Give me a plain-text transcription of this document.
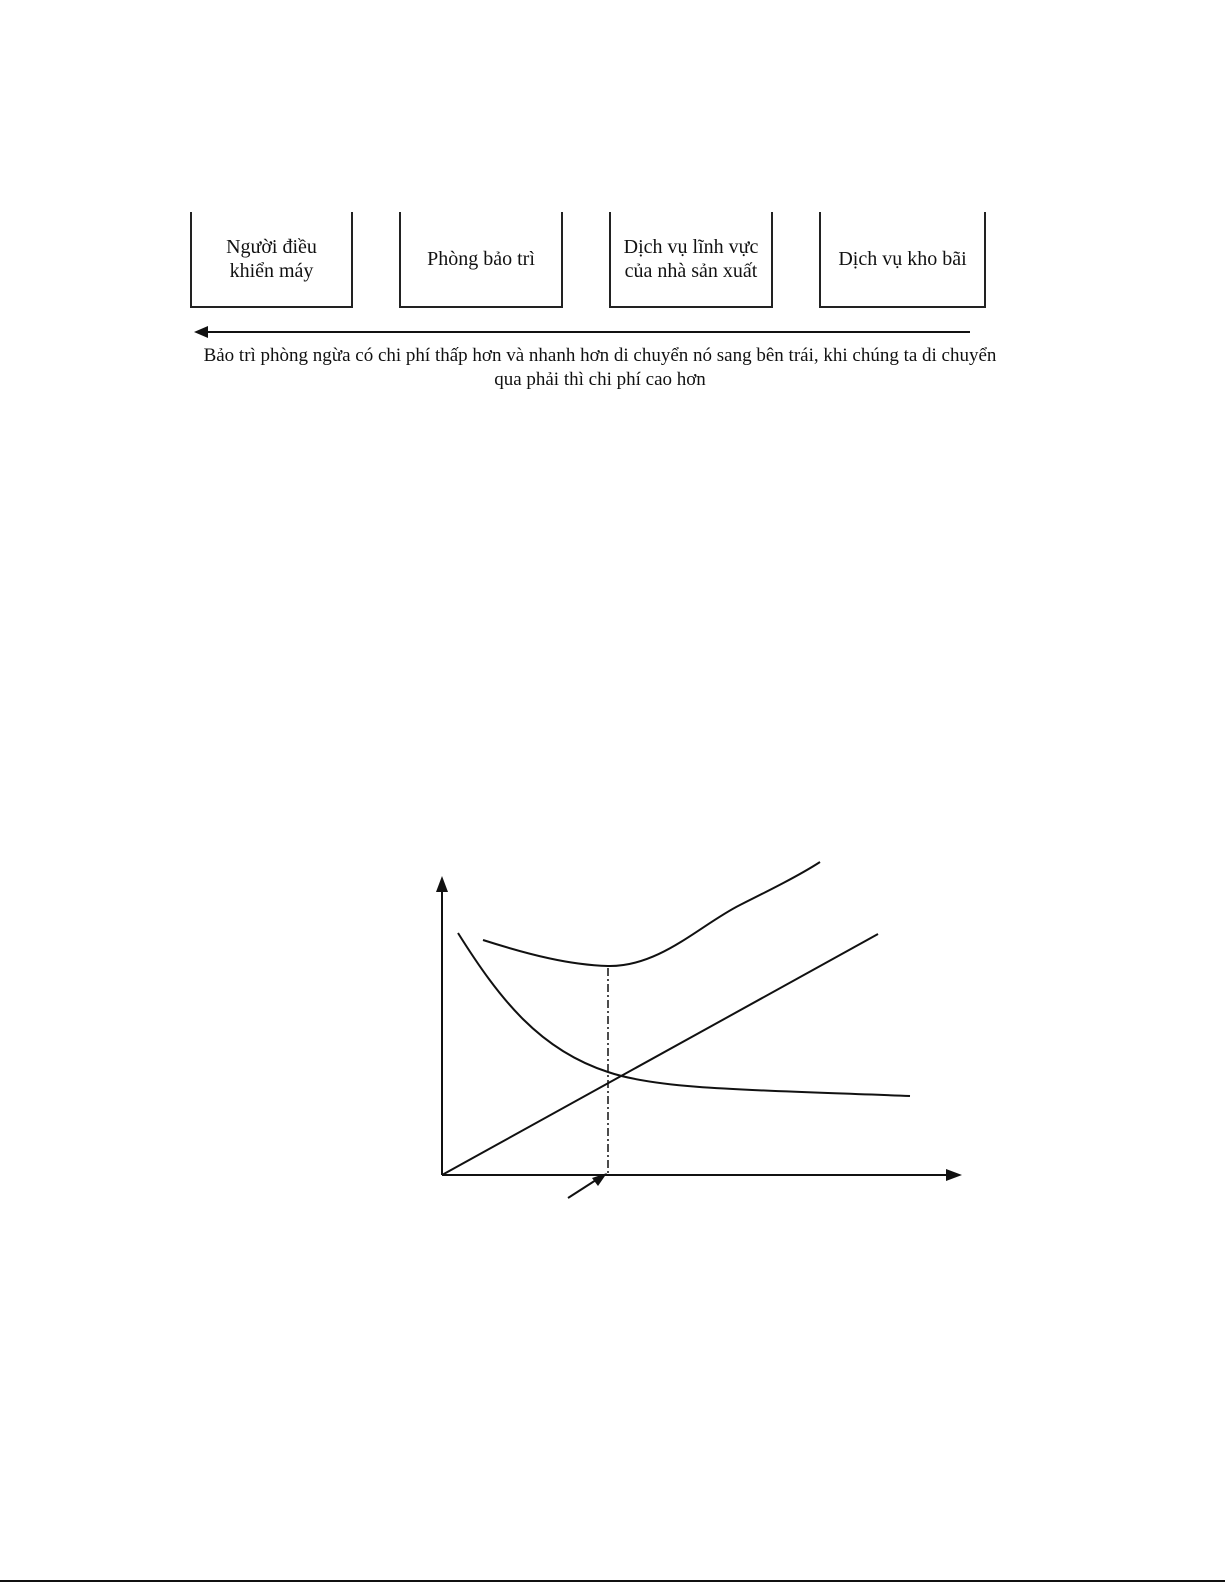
Người điều khiển máy
Phòng bảo trì
Dịch vụ lĩnh vực của nhà sản xuất
Dịch vụ kho bãi
Bảo trì phòng ngừa có chi phí thấp hơn và nhanh hơn di chuyển nó sang bên trái, khi chúng ta di chuyển qua phải thì chi phí cao hơn
